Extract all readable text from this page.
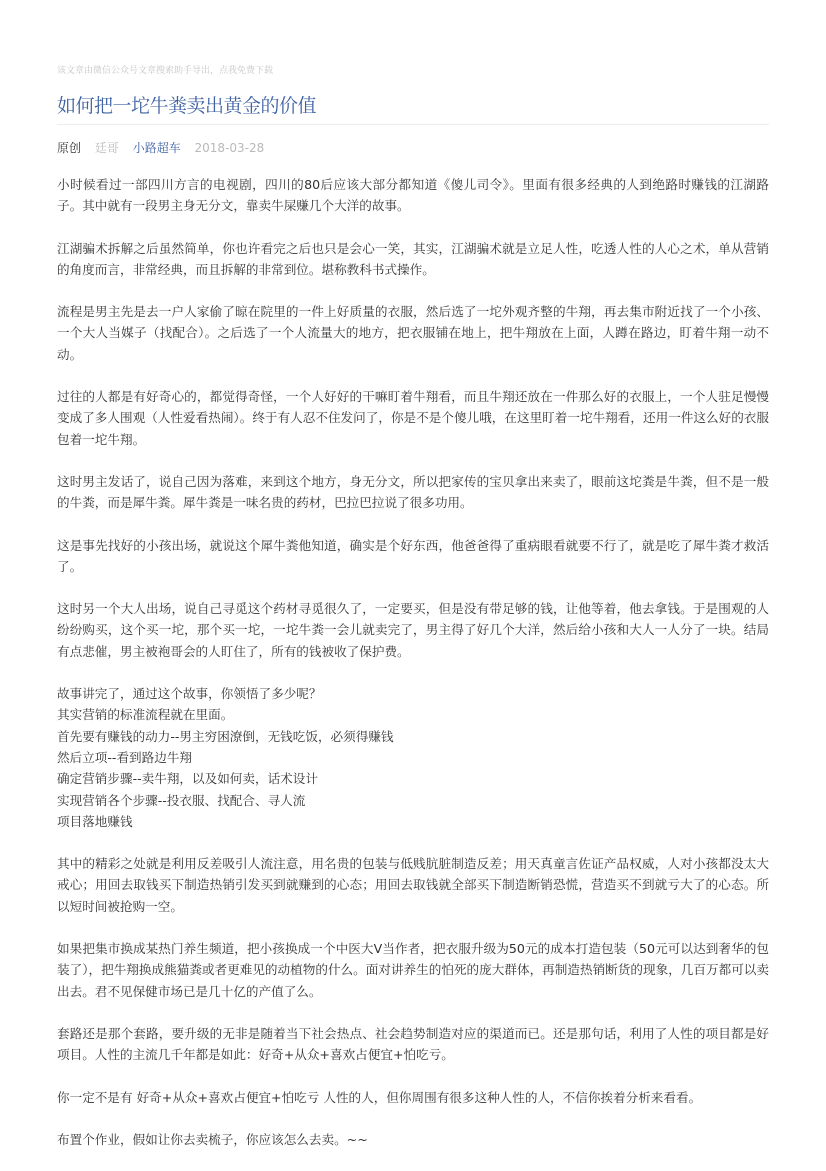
该文章由微信公众号文章搜索助手导出，点我免费下载
如何把一坨牛粪卖出黄金的价值
原创 廷哥 小路超车 2018-03-28

小时候看过一部四川方言的电视剧，四川的80后应该大部分都知道《傻儿司令》。里面有很多经典的人到绝路时赚钱的江湖路子。其中就有一段男主身无分文，靠卖牛屎赚几个大洋的故事。

江湖骗术拆解之后虽然简单，你也许看完之后也只是会心一笑，其实，江湖骗术就是立足人性，吃透人性的人心之术，单从营销的角度而言，非常经典，而且拆解的非常到位。堪称教科书式操作。

流程是男主先是去一户人家偷了晾在院里的一件上好质量的衣服，然后选了一坨外观齐整的牛翔，再去集市附近找了一个小孩、一个大人当媒子（找配合）。之后选了一个人流量大的地方，把衣服铺在地上，把牛翔放在上面，人蹲在路边，盯着牛翔一动不动。

过往的人都是有好奇心的，都觉得奇怪，一个人好好的干嘛盯着牛翔看，而且牛翔还放在一件那么好的衣服上，一个人驻足慢慢变成了多人围观（人性爱看热闹）。终于有人忍不住发问了，你是不是个傻儿哦，在这里盯着一坨牛翔看，还用一件这么好的衣服包着一坨牛翔。

这时男主发话了，说自己因为落难，来到这个地方，身无分文，所以把家传的宝贝拿出来卖了，眼前这坨粪是牛粪，但不是一般的牛粪，而是犀牛粪。犀牛粪是一味名贵的药材，巴拉巴拉说了很多功用。

这是事先找好的小孩出场，就说这个犀牛粪他知道，确实是个好东西，他爸爸得了重病眼看就要不行了，就是吃了犀牛粪才救活了。

这时另一个大人出场，说自己寻觅这个药材寻觅很久了，一定要买，但是没有带足够的钱，让他等着，他去拿钱。于是围观的人纷纷购买，这个买一坨，那个买一坨，一坨牛粪一会儿就卖完了，男主得了好几个大洋，然后给小孩和大人一人分了一块。结局有点悲催，男主被袍哥会的人盯住了，所有的钱被收了保护费。

故事讲完了，通过这个故事，你领悟了多少呢？
其实营销的标准流程就在里面。
首先要有赚钱的动力--男主穷困潦倒，无钱吃饭，必须得赚钱
然后立项--看到路边牛翔
确定营销步骤--卖牛翔，以及如何卖，话术设计
实现营销各个步骤--投衣服、找配合、寻人流
项目落地赚钱

其中的精彩之处就是利用反差吸引人流注意，用名贵的包装与低贱肮脏制造反差；用天真童言佐证产品权威，人对小孩都没太大戒心；用回去取钱买下制造热销引发买到就赚到的心态；用回去取钱就全部买下制造断销恐慌，营造买不到就亏大了的心态。所以短时间被抢购一空。

如果把集市换成某热门养生频道，把小孩换成一个中医大V当作者，把衣服升级为50元的成本打造包装（50元可以达到奢华的包装了），把牛翔换成熊猫粪或者更难见的动植物的什么。面对讲养生的怕死的庞大群体，再制造热销断货的现象，几百万都可以卖出去。君不见保健市场已是几十亿的产值了么。

套路还是那个套路，要升级的无非是随着当下社会热点、社会趋势制造对应的渠道而已。还是那句话，利用了人性的项目都是好项目。人性的主流几千年都是如此：好奇+从众+喜欢占便宜+怕吃亏。

你一定不是有 好奇+从众+喜欢占便宜+怕吃亏 人性的人，但你周围有很多这种人性的人，不信你挨着分析来看看。

布置个作业，假如让你去卖梳子，你应该怎么去卖。~~
